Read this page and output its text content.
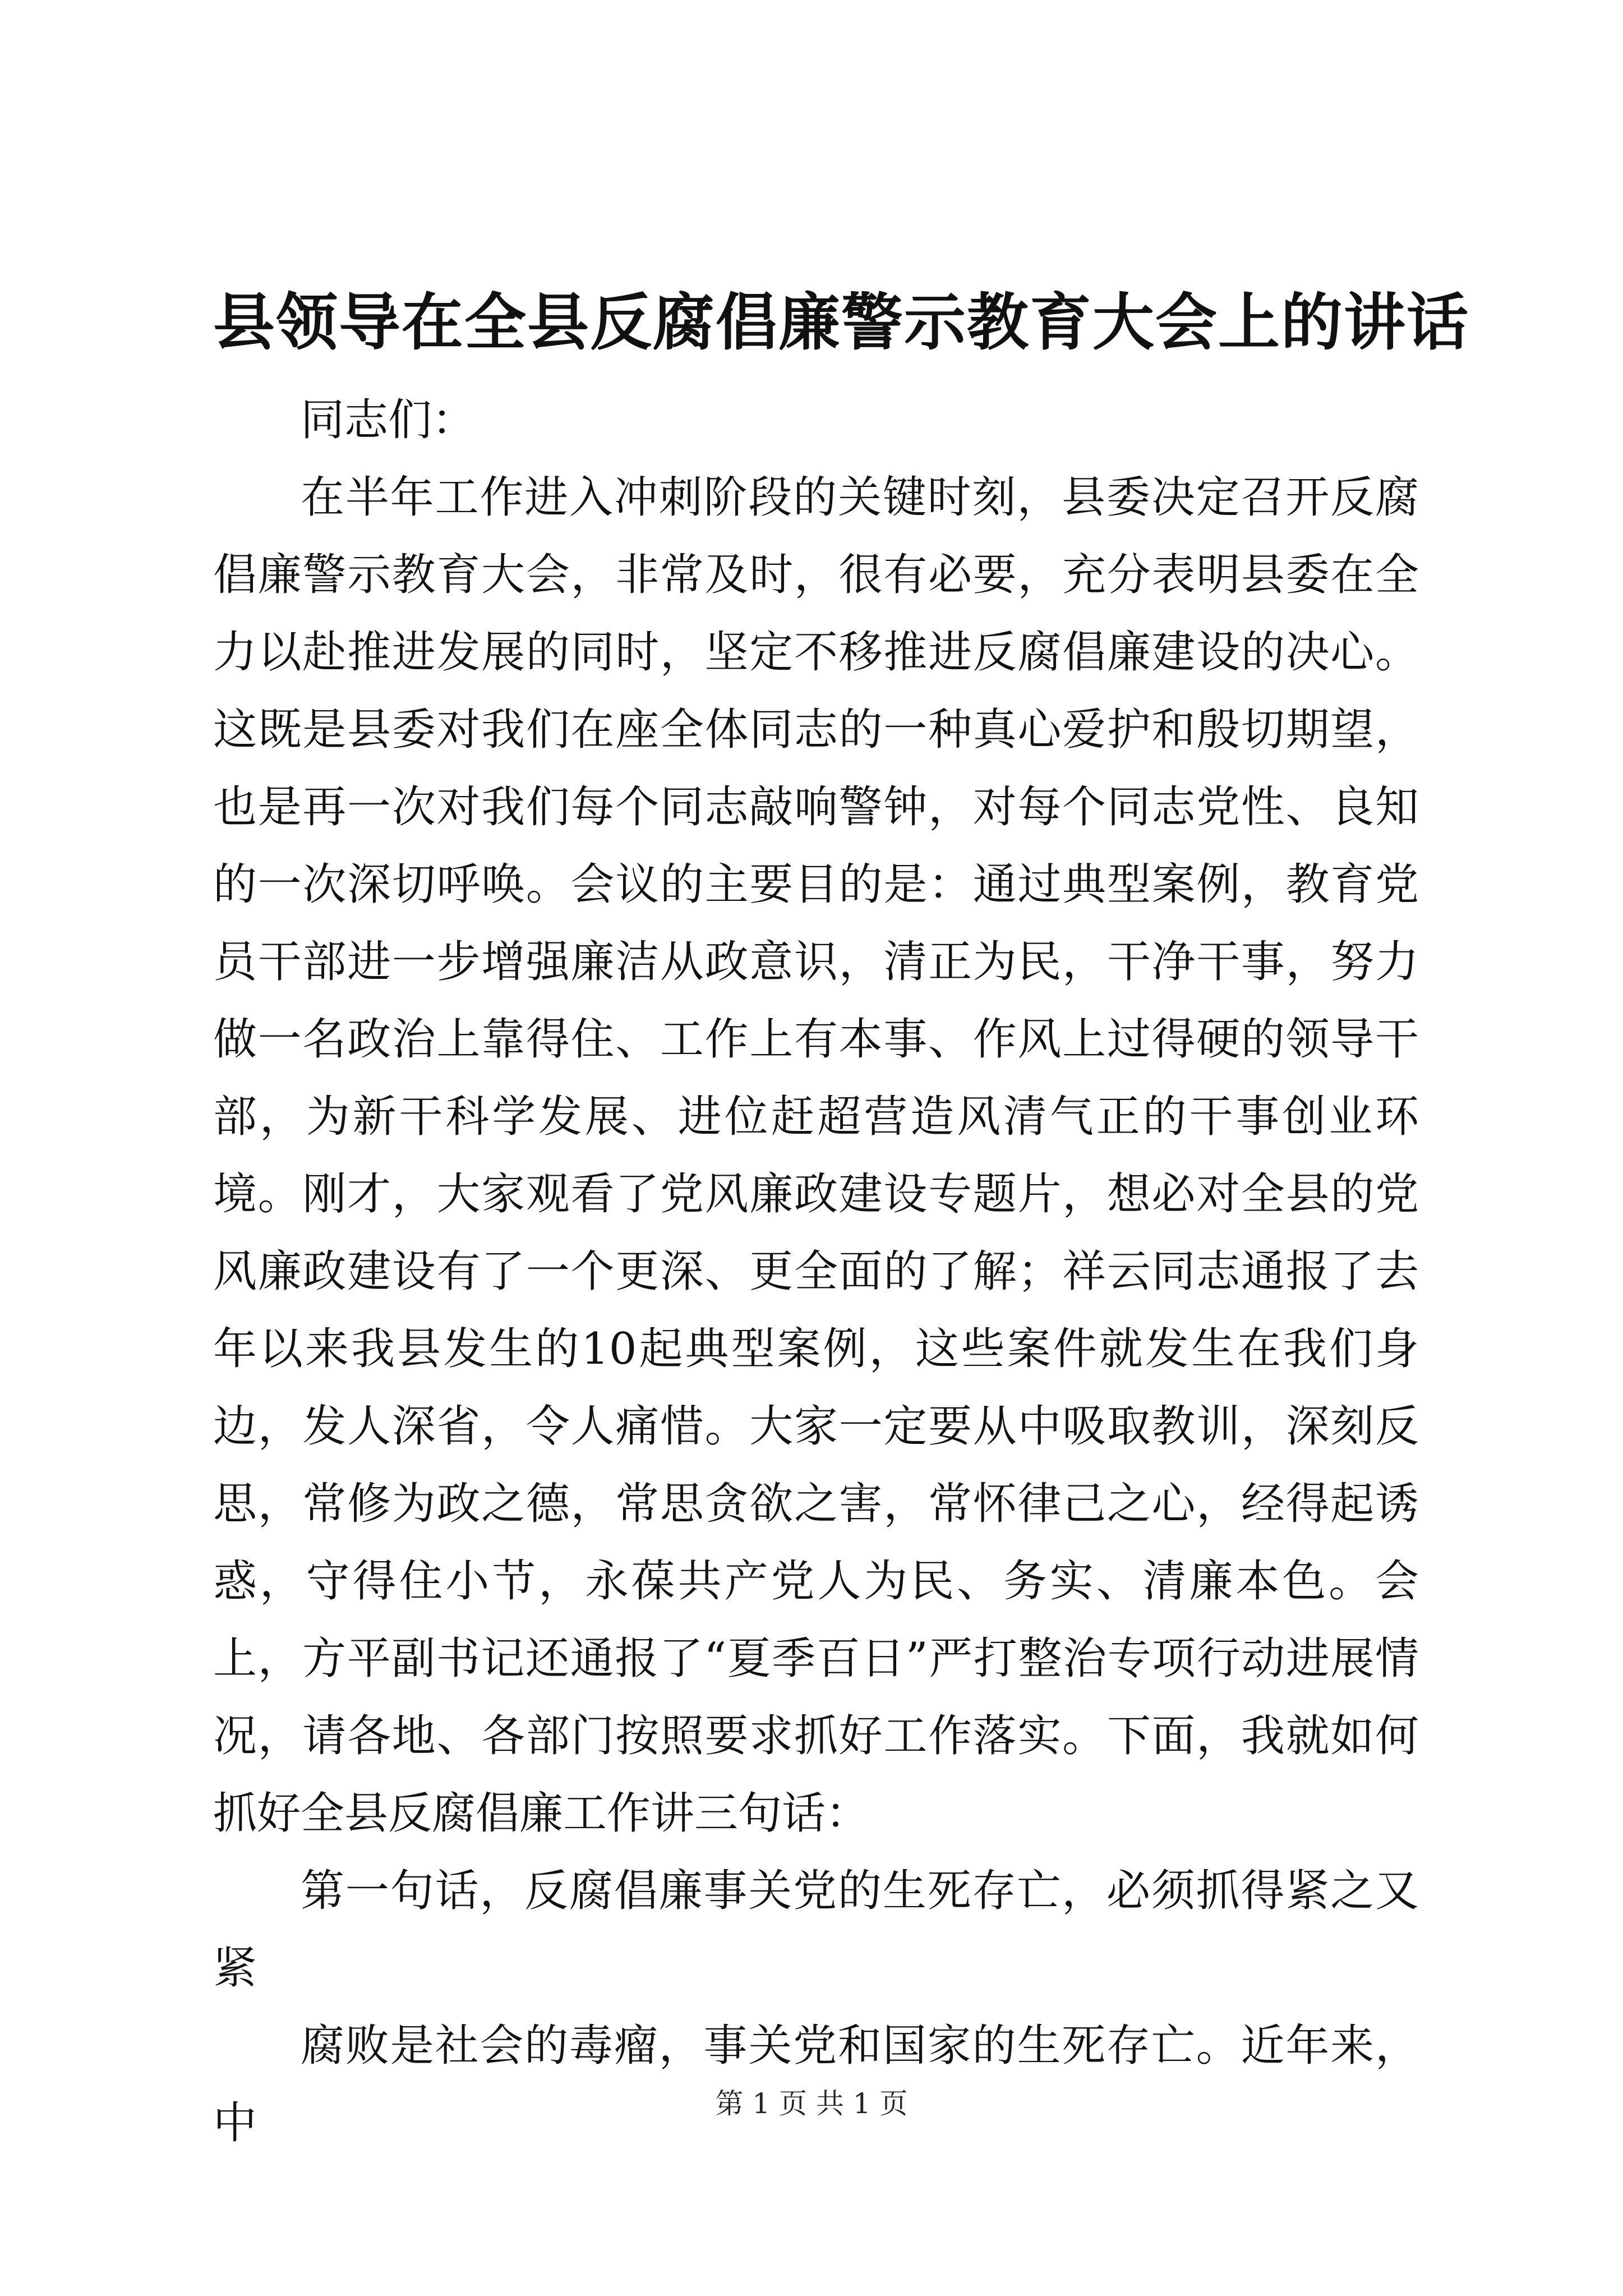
县领导在全县反腐倡廉警示教育大会上的讲话

同志们：

在半年工作进入冲刺阶段的关键时刻，县委决定召开反腐倡廉警示教育大会，非常及时，很有必要，充分表明县委在全力以赴推进发展的同时，坚定不移推进反腐倡廉建设的决心。这既是县委对我们在座全体同志的一种真心爱护和殷切期望，也是再一次对我们每个同志敲响警钟，对每个同志党性、良知的一次深切呼唤。会议的主要目的是：通过典型案例，教育党员干部进一步增强廉洁从政意识，清正为民，干净干事，努力做一名政治上靠得住、工作上有本事、作风上过得硬的领导干部，为新干科学发展、进位赶超营造风清气正的干事创业环境。刚才，大家观看了党风廉政建设专题片，想必对全县的党风廉政建设有了一个更深、更全面的了解；祥云同志通报了去年以来我县发生的10起典型案例，这些案件就发生在我们身边，发人深省，令人痛惜。大家一定要从中吸取教训，深刻反思，常修为政之德，常思贪欲之害，常怀律己之心，经得起诱惑，守得住小节，永葆共产党人为民、务实、清廉本色。会上，方平副书记还通报了“夏季百日”严打整治专项行动进展情况，请各地、各部门按照要求抓好工作落实。下面，我就如何抓好全县反腐倡廉工作讲三句话：

第一句话，反腐倡廉事关党的生死存亡，必须抓得紧之又紧

腐败是社会的毒瘤，事关党和国家的生死存亡。近年来，中	第 1 页 共 1 页
